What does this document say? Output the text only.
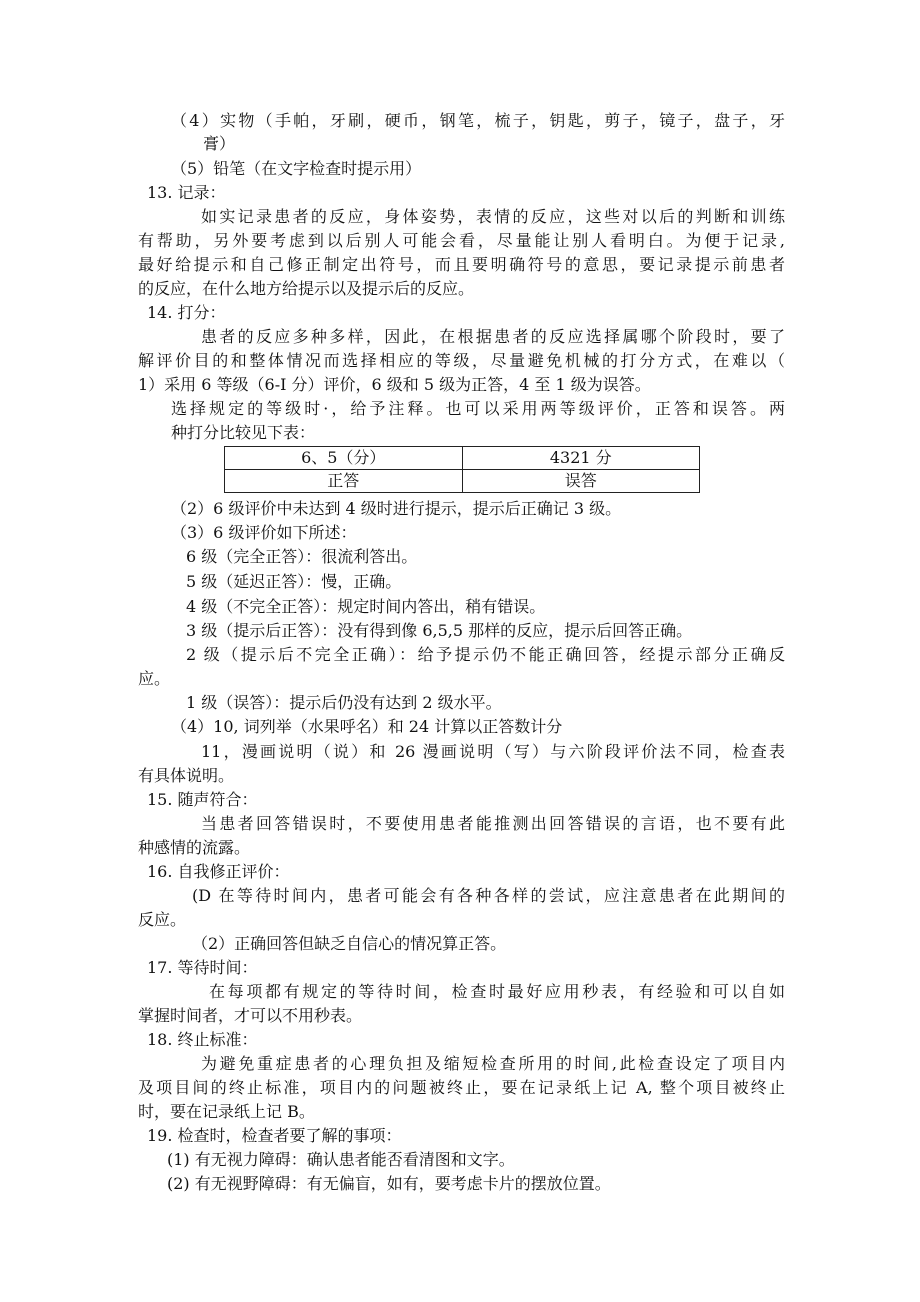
（4）实物（手帕，牙刷，硬币，钢笔，梳子，钥匙，剪子，镜子，盘子，牙
膏）
（5）铅笔（在文字检查时提示用）
13. 记录：
如实记录患者的反应，身体姿势，表情的反应，这些对以后的判断和训练
有帮助，另外要考虑到以后别人可能会看，尽量能让别人看明白。为便于记录,
最好给提示和自己修正制定出符号，而且要明确符号的意思，要记录提示前患者
的反应，在什么地方给提示以及提示后的反应。
14. 打分：
患者的反应多种多样，因此，在根据患者的反应选择属哪个阶段时，要了
解评价目的和整体情况而选择相应的等级，尽量避免机械的打分方式，在难以（
1）采用 6 等级（6-I 分）评价，6 级和 5 级为正答，4 至 1 级为误答。
选择规定的等级时·，给予注释。也可以采用两等级评价，正答和误答。两
种打分比较见下表：
6、5（分）	4321 分
正答	误答
（2）6 级评价中未达到 4 级时进行提示，提示后正确记 3 级。
（3）6 级评价如下所述：
6 级（完全正答）：很流利答出。
5 级（延迟正答）：慢，正确。
4 级（不完全正答）：规定时间内答出，稍有错误。
3 级（提示后正答）：没有得到像 6,5,5 那样的反应，提示后回答正确。
2 级（提示后不完全正确）：给予提示仍不能正确回答，经提示部分正确反
应。
1 级（误答）：提示后仍没有达到 2 级水平。
（4）10, 词列举（水果呼名）和 24 计算以正答数计分
11，漫画说明（说）和 26 漫画说明（写）与六阶段评价法不同，检查表
有具体说明。
15. 随声符合：
当患者回答错误时，不要使用患者能推测出回答错误的言语，也不要有此
种感情的流露。
16. 自我修正评价：
(D 在等待时间内，患者可能会有各种各样的尝试，应注意患者在此期间的
反应。
（2）正确回答但缺乏自信心的情况算正答。
17. 等待时间：
在每项都有规定的等待时间，检查时最好应用秒表，有经验和可以自如
掌握时间者，才可以不用秒表。
18. 终止标准：
为避免重症患者的心理负担及缩短检查所用的时间,此检查设定了项目内
及项目间的终止标准，项目内的问题被终止，要在记录纸上记 A, 整个项目被终止
时，要在记录纸上记 B。
19. 检查时，检查者要了解的事项：
(1) 有无视力障碍：确认患者能否看清图和文字。
(2) 有无视野障碍：有无偏盲，如有，要考虑卡片的摆放位置。
